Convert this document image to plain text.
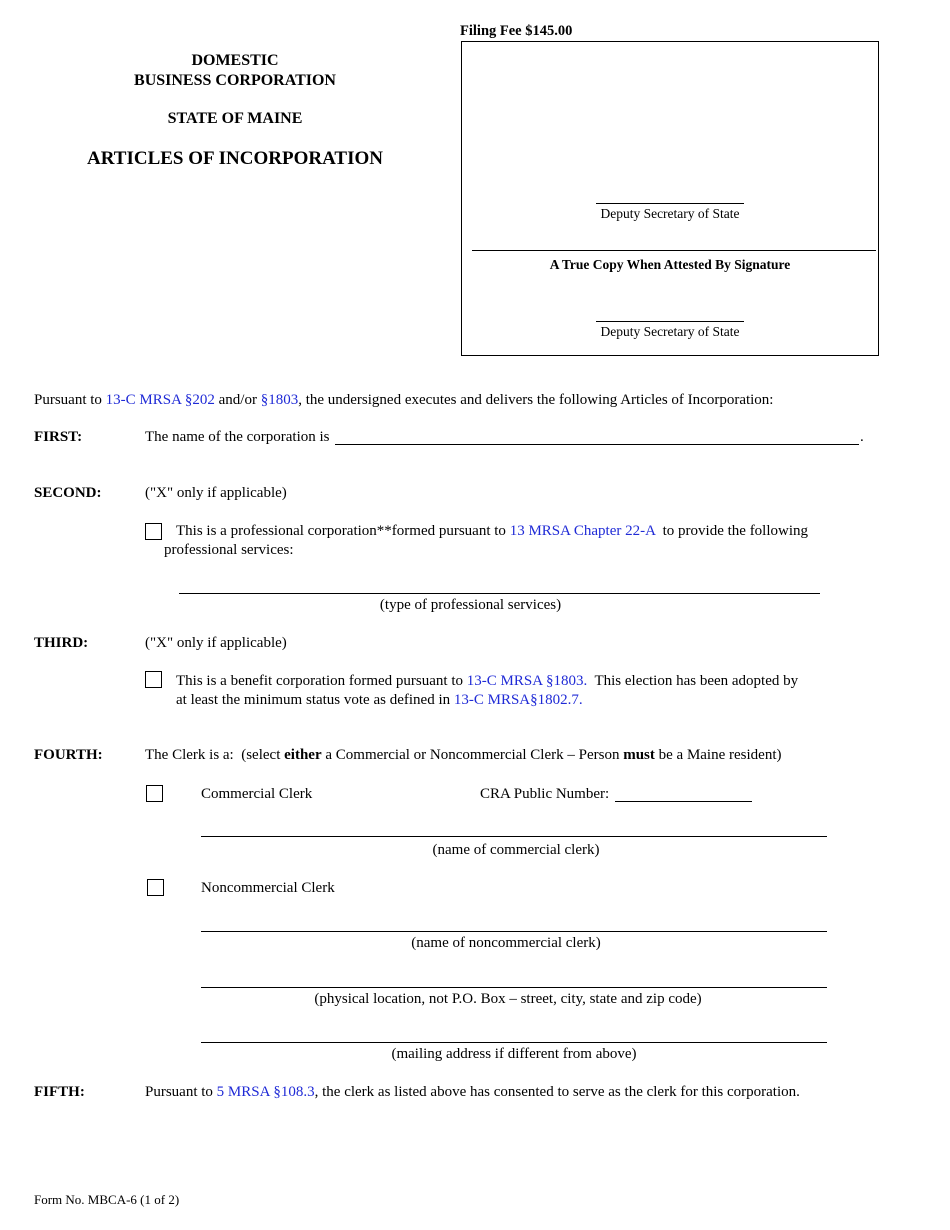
DOMESTIC
BUSINESS CORPORATION
STATE OF MAINE
ARTICLES OF INCORPORATION
Filing Fee $145.00
Deputy Secretary of State
A True Copy When Attested By Signature
Deputy Secretary of State
Pursuant to 13-C MRSA §202 and/or §1803, the undersigned executes and delivers the following Articles of Incorporation:
FIRST:	The name of the corporation is	.
SECOND:	("X" only if applicable)
This is a professional corporation**formed pursuant to 13 MRSA Chapter 22-A  to provide the following
professional services:
(type of professional services)
THIRD:	("X" only if applicable)
This is a benefit corporation formed pursuant to 13-C MRSA §1803.  This election has been adopted by
at least the minimum status vote as defined in 13-C MRSA§1802.7.
FOURTH:	The Clerk is a:  (select either a Commercial or Noncommercial Clerk – Person must be a Maine resident)
Commercial Clerk	CRA Public Number:
(name of commercial clerk)
Noncommercial Clerk
(name of noncommercial clerk)
(physical location, not P.O. Box – street, city, state and zip code)
(mailing address if different from above)
FIFTH:	Pursuant to 5 MRSA §108.3, the clerk as listed above has consented to serve as the clerk for this corporation.
Form No. MBCA-6 (1 of 2)
